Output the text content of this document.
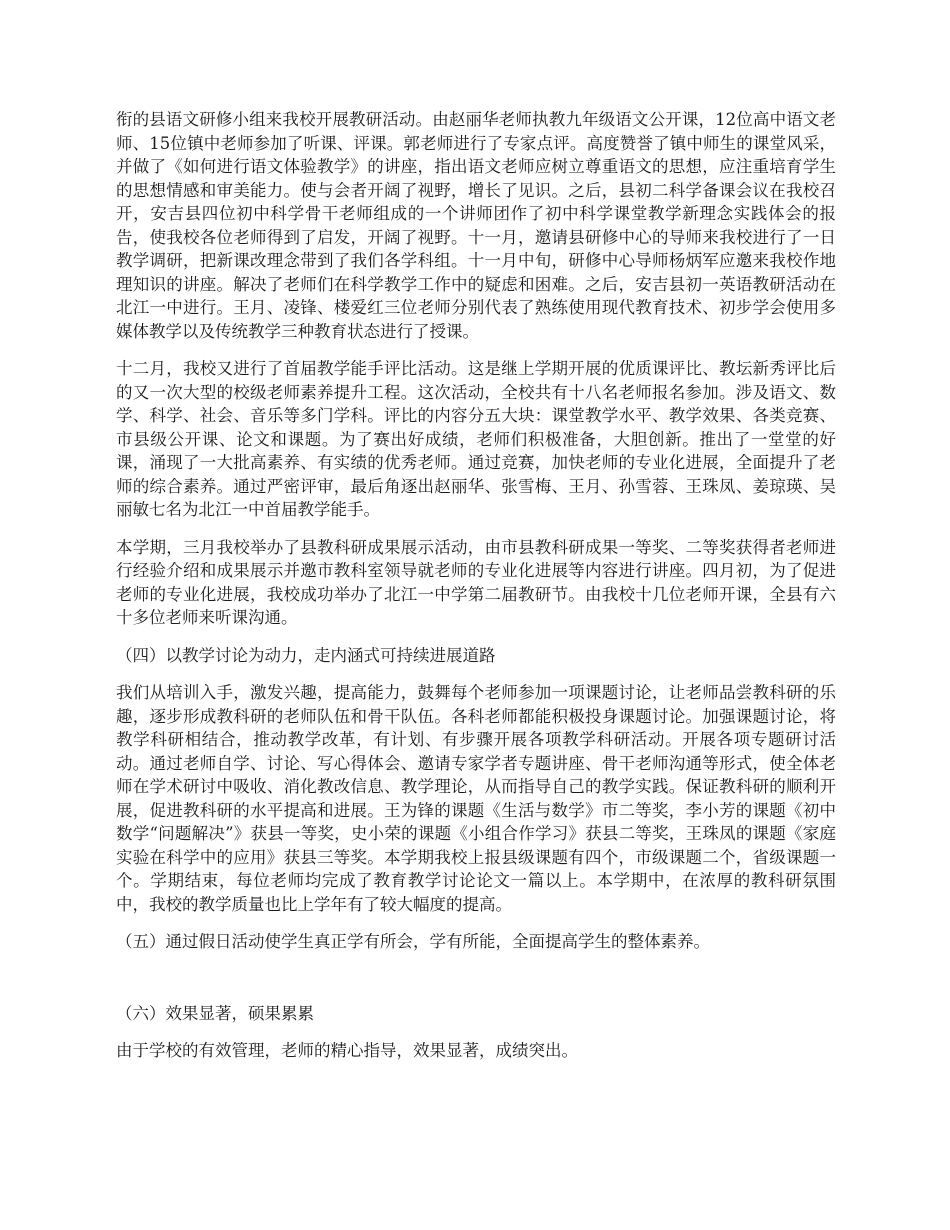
衔的县语文研修小组来我校开展教研活动。由赵丽华老师执教九年级语文公开课，12位高中语文老师、15位镇中老师参加了听课、评课。郭老师进行了专家点评。高度赞誉了镇中师生的课堂风采，并做了《如何进行语文体验教学》的讲座，指出语文老师应树立尊重语文的思想，应注重培育学生的思想情感和审美能力。使与会者开阔了视野，增长了见识。之后，县初二科学备课会议在我校召开，安吉县四位初中科学骨干老师组成的一个讲师团作了初中科学课堂教学新理念实践体会的报告，使我校各位老师得到了启发，开阔了视野。十一月，邀请县研修中心的导师来我校进行了一日教学调研，把新课改理念带到了我们各学科组。十一月中旬，研修中心导师杨炳军应邀来我校作地理知识的讲座。解决了老师们在科学教学工作中的疑虑和困难。之后，安吉县初一英语教研活动在北江一中进行。王月、凌锋、楼爱红三位老师分别代表了熟练使用现代教育技术、初步学会使用多媒体教学以及传统教学三种教育状态进行了授课。

十二月，我校又进行了首届教学能手评比活动。这是继上学期开展的优质课评比、教坛新秀评比后的又一次大型的校级老师素养提升工程。这次活动，全校共有十八名老师报名参加。涉及语文、数学、科学、社会、音乐等多门学科。评比的内容分五大块：课堂教学水平、教学效果、各类竞赛、市县级公开课、论文和课题。为了赛出好成绩，老师们积极准备，大胆创新。推出了一堂堂的好课，涌现了一大批高素养、有实绩的优秀老师。通过竞赛，加快老师的专业化进展，全面提升了老师的综合素养。通过严密评审，最后角逐出赵丽华、张雪梅、王月、孙雪蓉、王珠凤、姜琼瑛、吴丽敏七名为北江一中首届教学能手。

本学期，三月我校举办了县教科研成果展示活动，由市县教科研成果一等奖、二等奖获得者老师进行经验介绍和成果展示并邀市教科室领导就老师的专业化进展等内容进行讲座。四月初，为了促进老师的专业化进展，我校成功举办了北江一中学第二届教研节。由我校十几位老师开课，全县有六十多位老师来听课沟通。

（四）以教学讨论为动力，走内涵式可持续进展道路

我们从培训入手，激发兴趣，提高能力，鼓舞每个老师参加一项课题讨论，让老师品尝教科研的乐趣，逐步形成教科研的老师队伍和骨干队伍。各科老师都能积极投身课题讨论。加强课题讨论，将教学科研相结合，推动教学改革，有计划、有步骤开展各项教学科研活动。开展各项专题研讨活动。通过老师自学、讨论、写心得体会、邀请专家学者专题讲座、骨干老师沟通等形式，使全体老师在学术研讨中吸收、消化教改信息、教学理论，从而指导自己的教学实践。保证教科研的顺利开展，促进教科研的水平提高和进展。王为锋的课题《生活与数学》市二等奖，李小芳的课题《初中数学“问题解决”》获县一等奖，史小荣的课题《小组合作学习》获县二等奖，王珠凤的课题《家庭实验在科学中的应用》获县三等奖。本学期我校上报县级课题有四个，市级课题二个，省级课题一个。学期结束，每位老师均完成了教育教学讨论论文一篇以上。本学期中，在浓厚的教科研氛围中，我校的教学质量也比上学年有了较大幅度的提高。

（五）通过假日活动使学生真正学有所会，学有所能，全面提高学生的整体素养。

（六）效果显著，硕果累累

由于学校的有效管理，老师的精心指导，效果显著，成绩突出。
